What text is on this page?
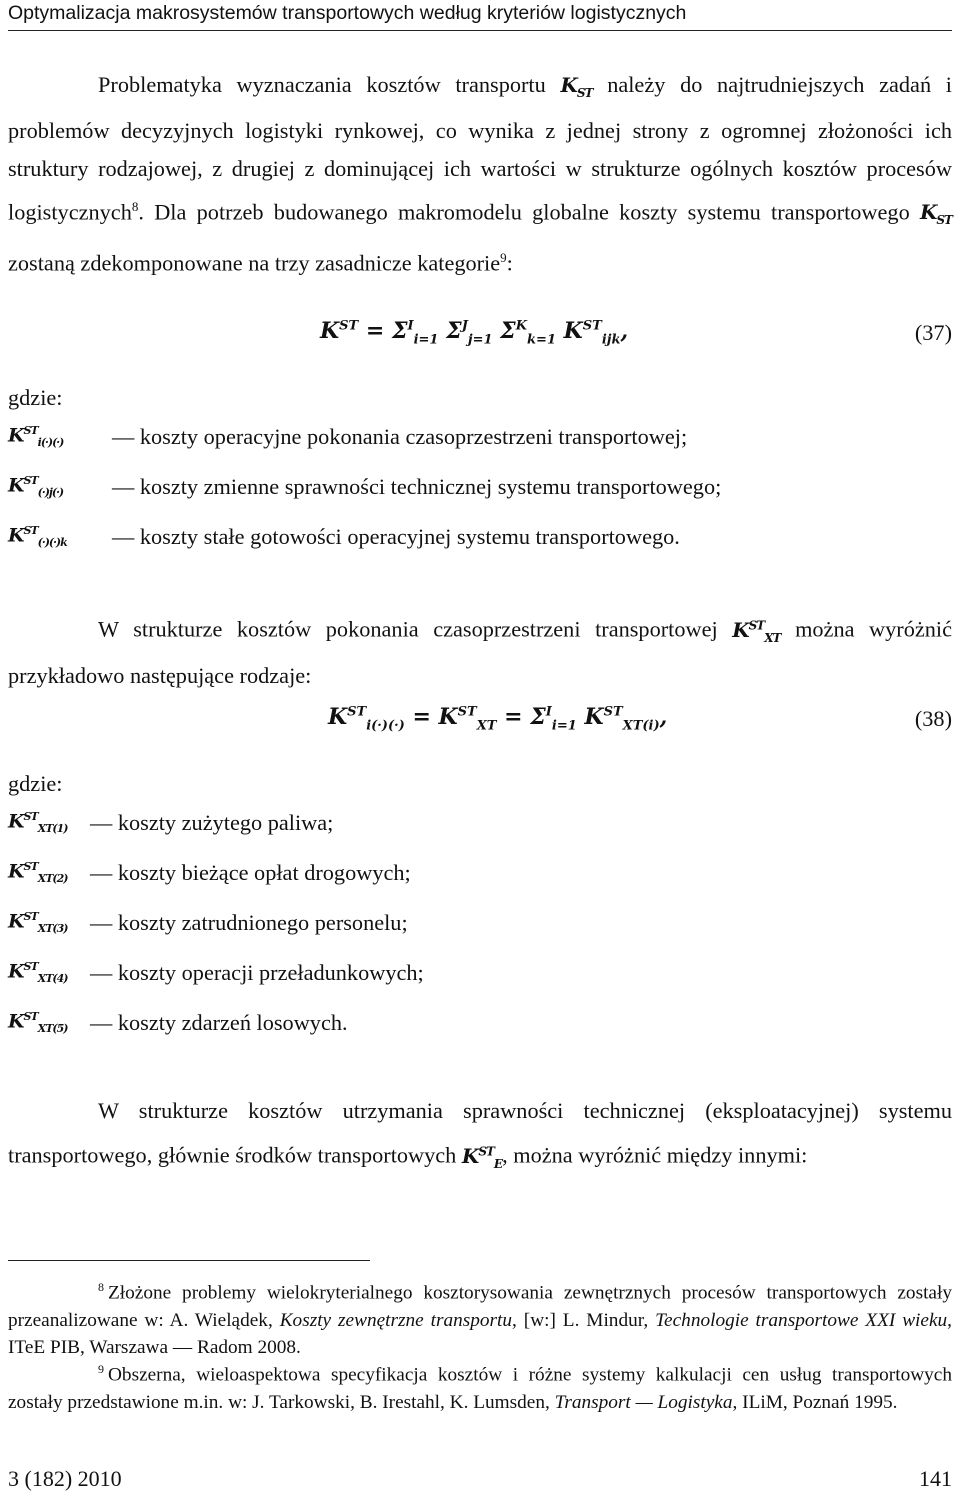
Optymalizacja makrosystemów transportowych według kryteriów logistycznych

Problematyka wyznaczania kosztów transportu $K_{ST}$ należy do najtrudniejszych zadań i problemów decyzyjnych logistyki rynkowej, co wynika z jednej strony z ogromnej złożoności ich struktury rodzajowej, z drugiej z dominującej ich wartości w strukturze ogólnych kosztów procesów logistycznych$^8$. Dla potrzeb budowanego makromodelu globalne koszty systemu transportowego $K_{ST}$ zostaną zdekomponowane na trzy zasadnicze kategorie$^9$:

$K^{ST} = \Sigma^I_{i=1}$ $\Sigma^J_{j=1}$ $\Sigma^K_{k=1}$ $K^{ST}_{ijk}$,	(37)
gdzie:
$K^{ST}_{i(\cdot)(\cdot)}$ — koszty operacyjne pokonania czasoprzestrzeni transportowej;
$K^{ST}_{(\cdot)j(\cdot)}$ — koszty zmienne sprawności technicznej systemu transportowego;
$K^{ST}_{(\cdot)(\cdot)k}$ — koszty stałe gotowości operacyjnej systemu transportowego.

W strukturze kosztów pokonania czasoprzestrzeni transportowej $K^{ST}_{XT}$ można wyróżnić przykładowo następujące rodzaje:

$K^{ST}_{i(\cdot)(\cdot)} = K^{ST}_{XT} = \Sigma^I_{i=1}$ $K^{ST}_{XT(i)}$,	(38)
gdzie:
$K^{ST}_{XT(1)}$ — koszty zużytego paliwa;
$K^{ST}_{XT(2)}$ — koszty bieżące opłat drogowych;
$K^{ST}_{XT(3)}$ — koszty zatrudnionego personelu;
$K^{ST}_{XT(4)}$ — koszty operacji przeładunkowych;
$K^{ST}_{XT(5)}$ — koszty zdarzeń losowych.

W strukturze kosztów utrzymania sprawności technicznej (eksploatacyjnej) systemu transportowego, głównie środków transportowych $K^{ST}_E$, można wyróżnić między innymi:

$^8$ Złożone problemy wielokryterialnego kosztorysowania zewnętrznych procesów transportowych zostały przeanalizowane w: A. Wielądek, Koszty zewnętrzne transportu, [w:] L. Mindur, Technologie transportowe XXI wieku, ITeE PIB, Warszawa — Radom 2008.

$^9$ Obszerna, wieloaspektowa specyfikacja kosztów i różne systemy kalkulacji cen usług transportowych zostały przedstawione m.in. w: J. Tarkowski, B. Irestahl, K. Lumsden, Transport — Logistyka, ILiM, Poznań 1995.

3 (182) 2010	141
